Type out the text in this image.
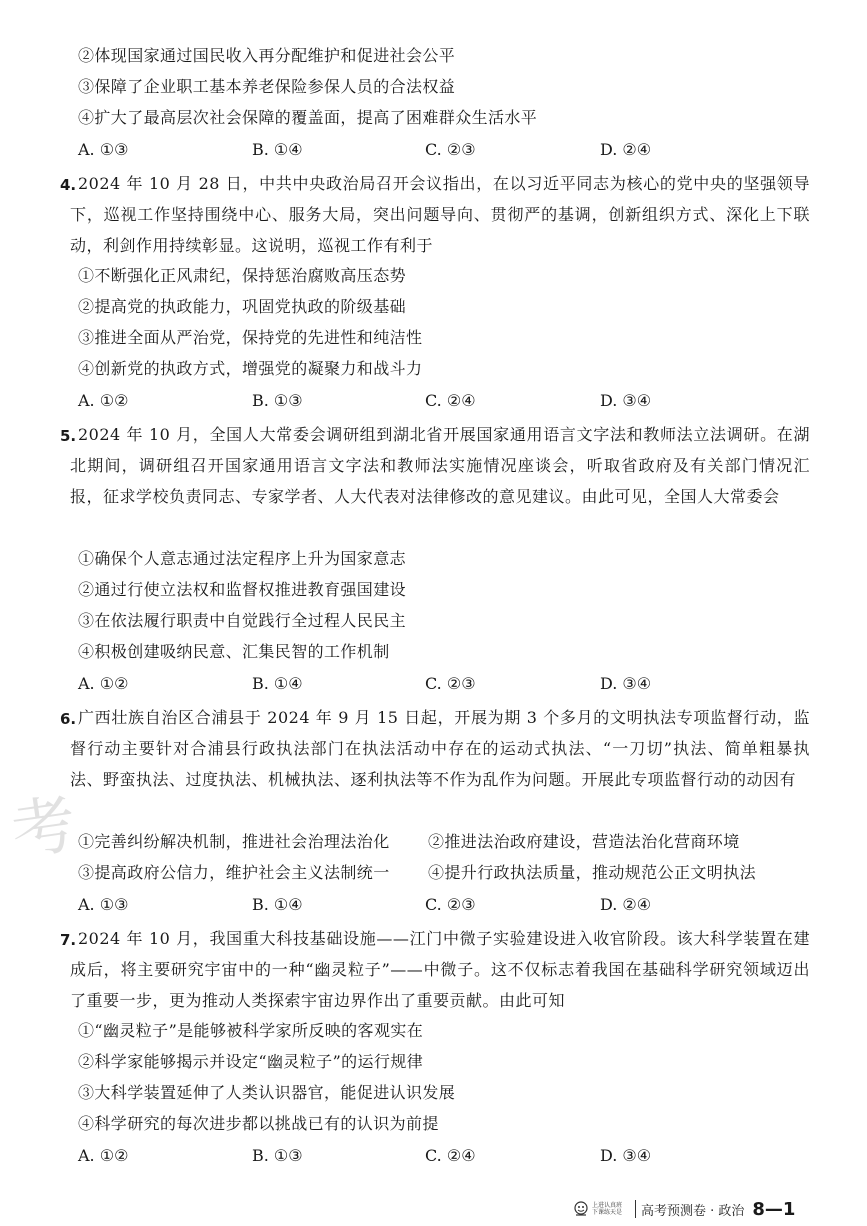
②体现国家通过国民收入再分配维护和促进社会公平
③保障了企业职工基本养老保险参保人员的合法权益
④扩大了最高层次社会保障的覆盖面，提高了困难群众生活水平
A. ①③	B. ①④	C. ②③	D. ②④
4. 2024 年 10 月 28 日，中共中央政治局召开会议指出，在以习近平同志为核心的党中央的坚强领导下，巡视工作坚持围绕中心、服务大局，突出问题导向、贯彻严的基调，创新组织方式、深化上下联动，利剑作用持续彰显。这说明，巡视工作有利于
①不断强化正风肃纪，保持惩治腐败高压态势
②提高党的执政能力，巩固党执政的阶级基础
③推进全面从严治党，保持党的先进性和纯洁性
④创新党的执政方式，增强党的凝聚力和战斗力
A. ①②	B. ①③	C. ②④	D. ③④
5. 2024 年 10 月，全国人大常委会调研组到湖北省开展国家通用语言文字法和教师法立法调研。在湖北期间，调研组召开国家通用语言文字法和教师法实施情况座谈会，听取省政府及有关部门情况汇报，征求学校负责同志、专家学者、人大代表对法律修改的意见建议。由此可见，全国人大常委会
①确保个人意志通过法定程序上升为国家意志
②通过行使立法权和监督权推进教育强国建设
③在依法履行职责中自觉践行全过程人民民主
④积极创建吸纳民意、汇集民智的工作机制
A. ①②	B. ①④	C. ②③	D. ③④
考
6. 广西壮族自治区合浦县于 2024 年 9 月 15 日起，开展为期 3 个多月的文明执法专项监督行动，监督行动主要针对合浦县行政执法部门在执法活动中存在的运动式执法、“一刀切”执法、简单粗暴执法、野蛮执法、过度执法、机械执法、逐利执法等不作为乱作为问题。开展此专项监督行动的动因有
①完善纠纷解决机制，推进社会治理法治化 ②推进法治政府建设，营造法治化营商环境
③提高政府公信力，维护社会主义法制统一 ④提升行政执法质量，推动规范公正文明执法
A. ①③	B. ①④	C. ②③	D. ②④
7. 2024 年 10 月，我国重大科技基础设施——江门中微子实验建设进入收官阶段。该大科学装置在建成后，将主要研究宇宙中的一种“幽灵粒子”——中微子。这不仅标志着我国在基础科学研究领域迈出了重要一步，更为推动人类探索宇宙边界作出了重要贡献。由此可知
①“幽灵粒子”是能够被科学家所反映的客观实在
②科学家能够揭示并设定“幽灵粒子”的运行规律
③大科学装置延伸了人类认识器官，能促进认识发展
④科学研究的每次进步都以挑战已有的认识为前提
A. ①②	B. ①③	C. ②④	D. ③④
上进认真班
下课练天是 高考预测卷 · 政治 8—1
